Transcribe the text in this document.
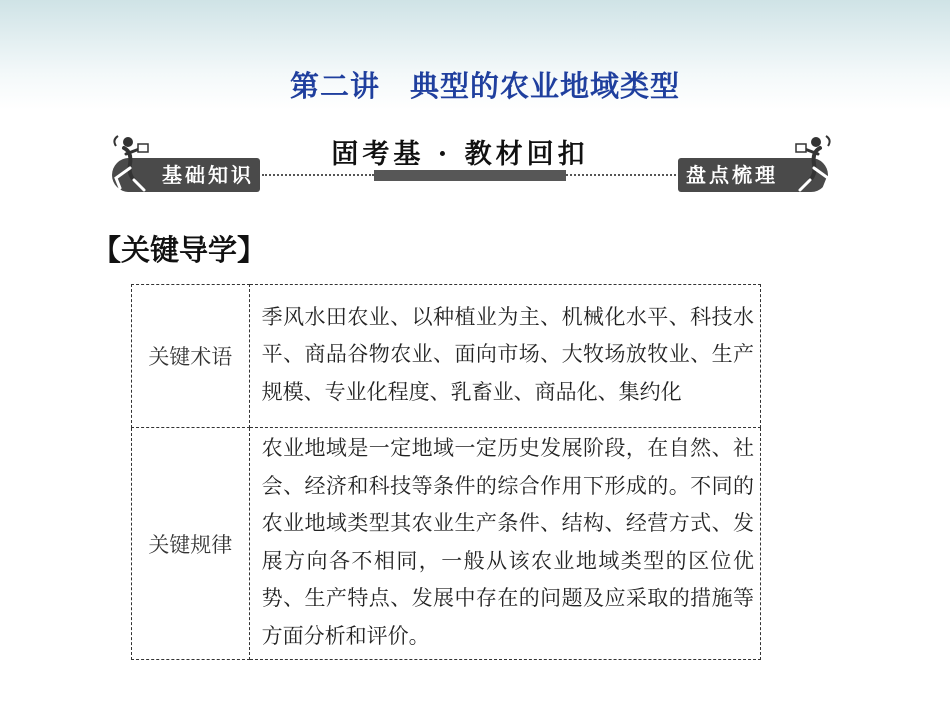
第二讲　典型的农业地域类型
固考基 · 教材回扣
基础知识	盘点梳理
【关键导学】
关键术语	季风水田农业、以种植业为主、机械化水平、科技水平、商品谷物农业、面向市场、大牧场放牧业、生产规模、专业化程度、乳畜业、商品化、集约化
关键规律	农业地域是一定地域一定历史发展阶段，在自然、社会、经济和科技等条件的综合作用下形成的。不同的农业地域类型其农业生产条件、结构、经营方式、发展方向各不相同，一般从该农业地域类型的区位优势、生产特点、发展中存在的问题及应采取的措施等方面分析和评价。
